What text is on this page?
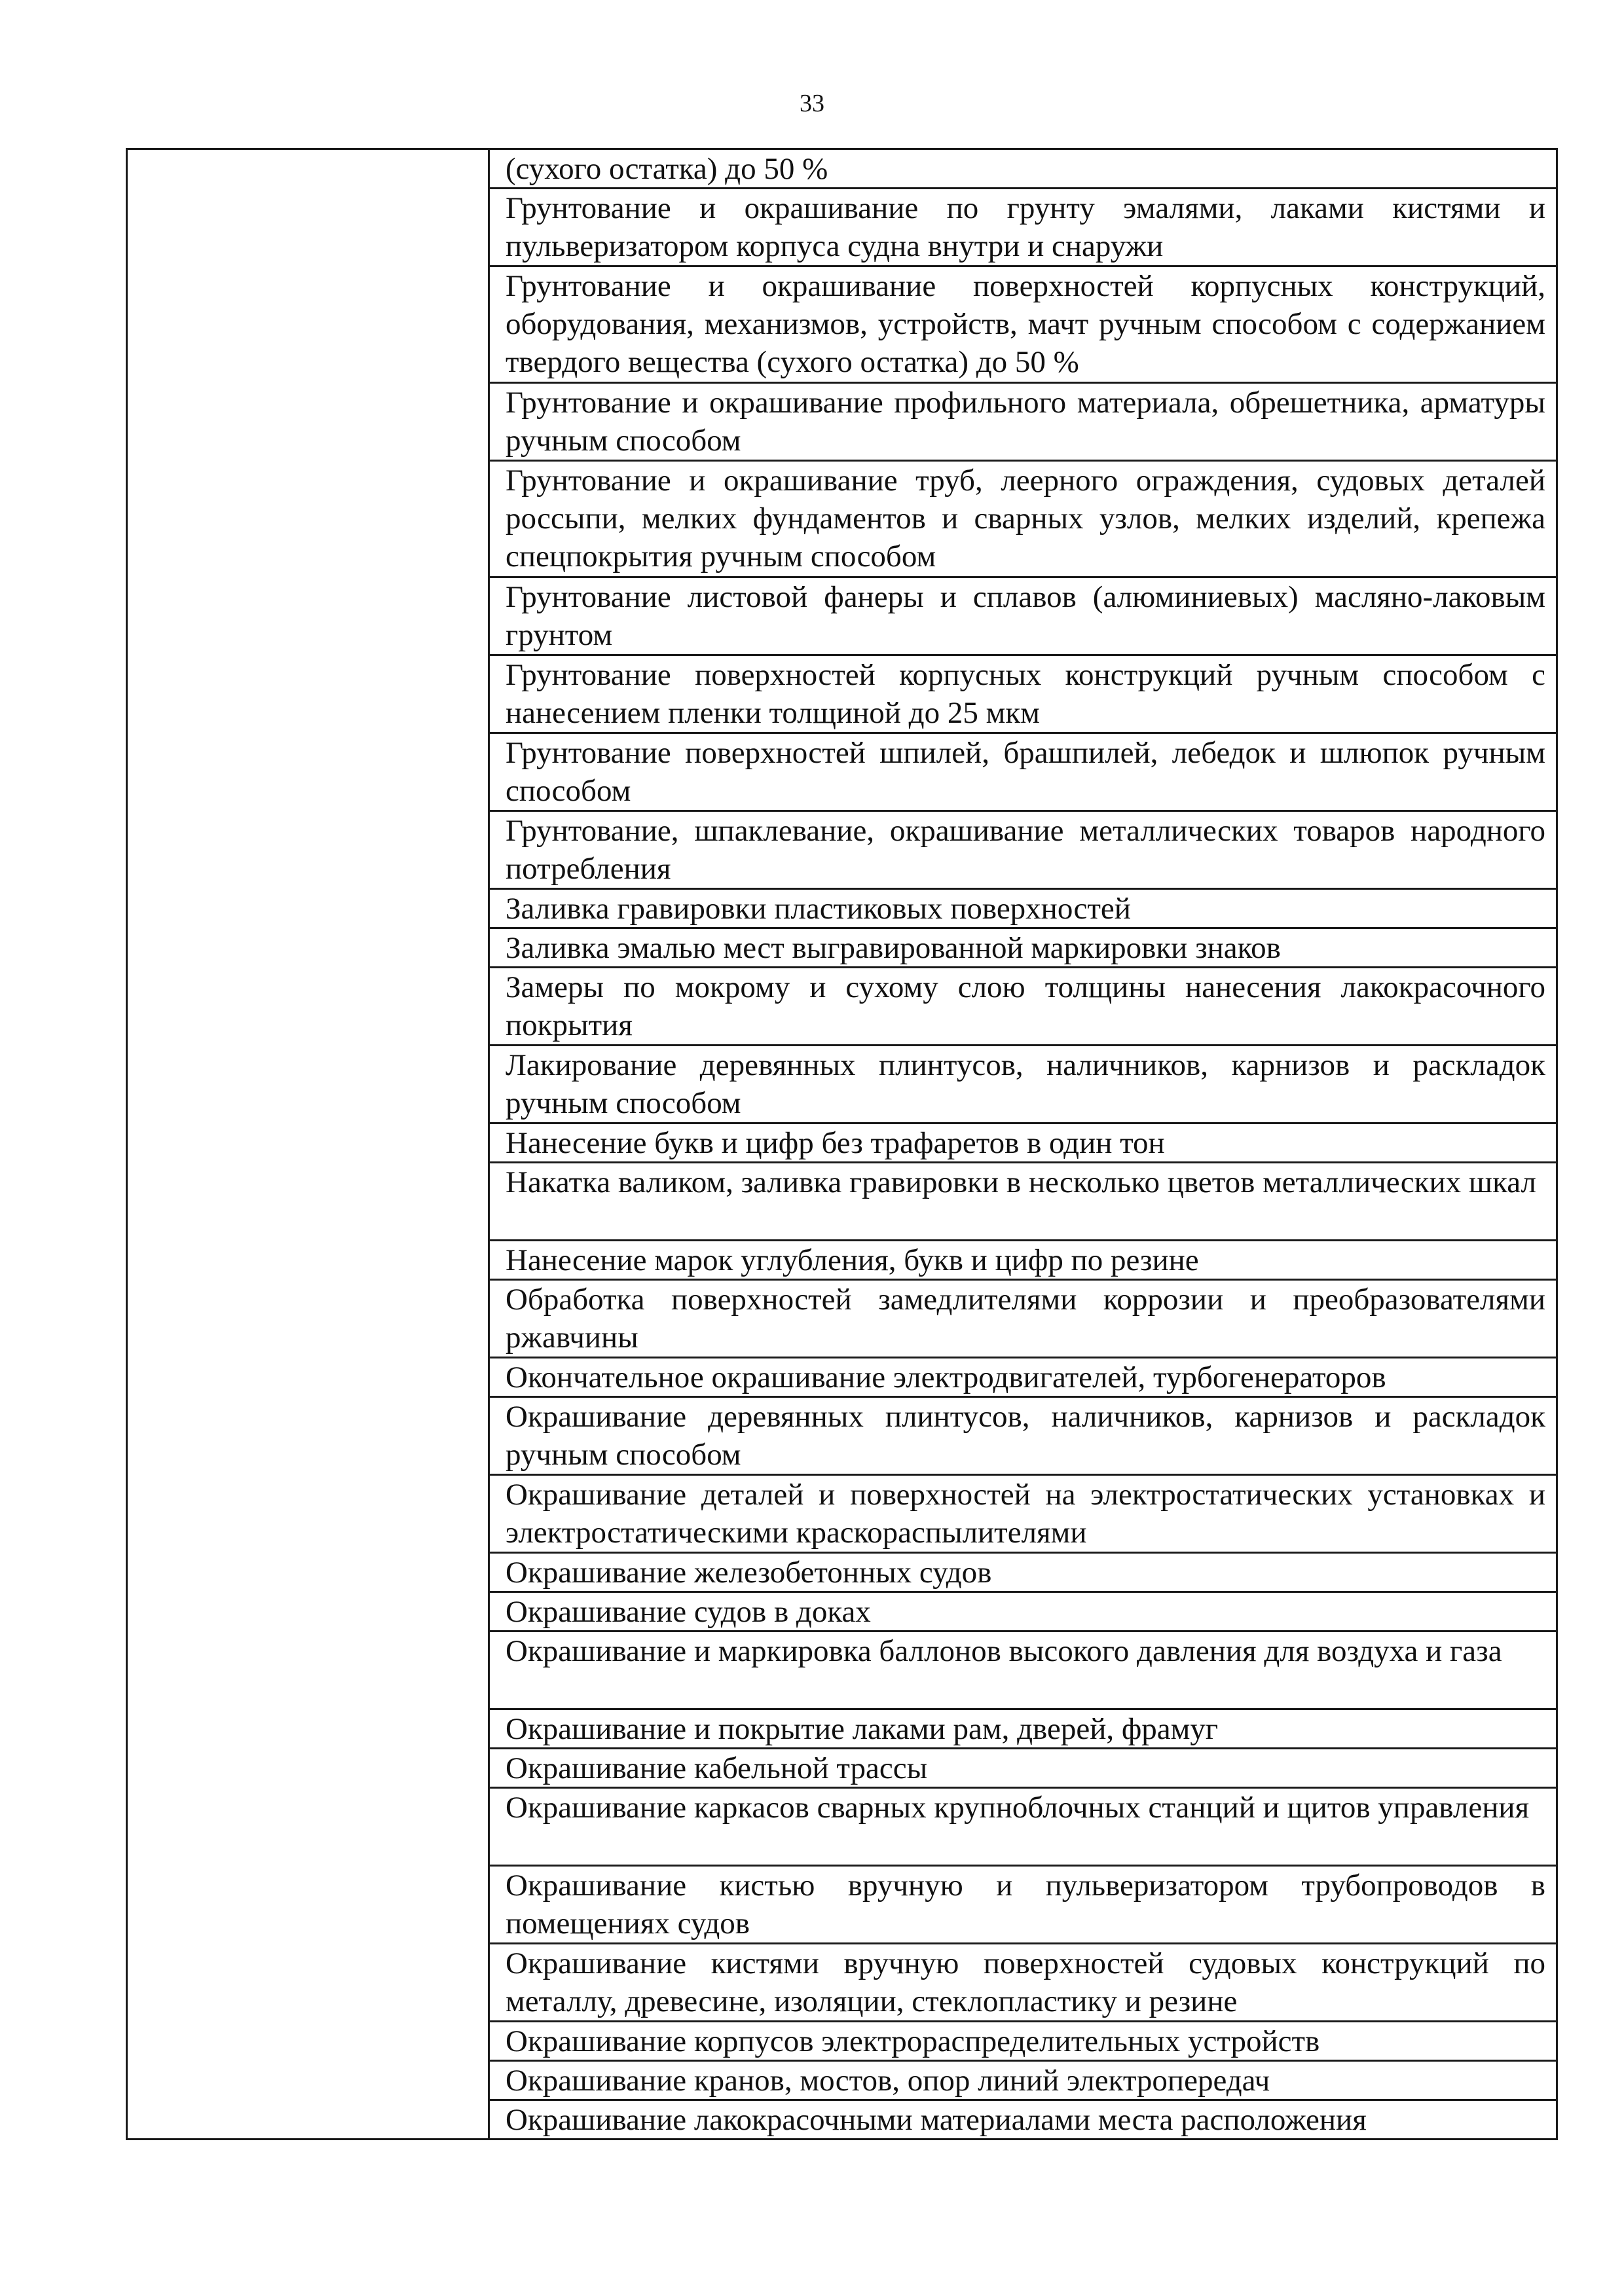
33

(сухого остатка) до 50 %
Грунтование и окрашивание по грунту эмалями, лаками кистями и пульверизатором корпуса судна внутри и снаружи
Грунтование и окрашивание поверхностей корпусных конструкций, оборудования, механизмов, устройств, мачт ручным способом с содержанием твердого вещества (сухого остатка) до 50 %
Грунтование и окрашивание профильного материала, обрешетника, арматуры ручным способом
Грунтование и окрашивание труб, леерного ограждения, судовых деталей россыпи, мелких фундаментов и сварных узлов, мелких изделий, крепежа спецпокрытия ручным способом
Грунтование листовой фанеры и сплавов (алюминиевых) масляно-лаковым грунтом
Грунтование поверхностей корпусных конструкций ручным способом с нанесением пленки толщиной до 25 мкм
Грунтование поверхностей шпилей, брашпилей, лебедок и шлюпок ручным способом
Грунтование, шпаклевание, окрашивание металлических товаров народного потребления
Заливка гравировки пластиковых поверхностей
Заливка эмалью мест выгравированной маркировки знаков
Замеры по мокрому и сухому слою толщины нанесения лакокрасочного покрытия
Лакирование деревянных плинтусов, наличников, карнизов и раскладок ручным способом
Нанесение букв и цифр без трафаретов в один тон
Накатка валиком, заливка гравировки в несколько цветов металлических шкал
Нанесение марок углубления, букв и цифр по резине
Обработка поверхностей замедлителями коррозии и преобразователями ржавчины
Окончательное окрашивание электродвигателей, турбогенераторов
Окрашивание деревянных плинтусов, наличников, карнизов и раскладок ручным способом
Окрашивание деталей и поверхностей на электростатических установках и электростатическими краскораспылителями
Окрашивание железобетонных судов
Окрашивание судов в доках
Окрашивание и маркировка баллонов высокого давления для воздуха и газа
Окрашивание и покрытие лаками рам, дверей, фрамуг
Окрашивание кабельной трассы
Окрашивание каркасов сварных крупноблочных станций и щитов управления
Окрашивание кистью вручную и пульверизатором трубопроводов в помещениях судов
Окрашивание кистями вручную поверхностей судовых конструкций по металлу, древесине, изоляции, стеклопластику и резине
Окрашивание корпусов электрораспределительных устройств
Окрашивание кранов, мостов, опор линий электропередач
Окрашивание лакокрасочными материалами места расположения
